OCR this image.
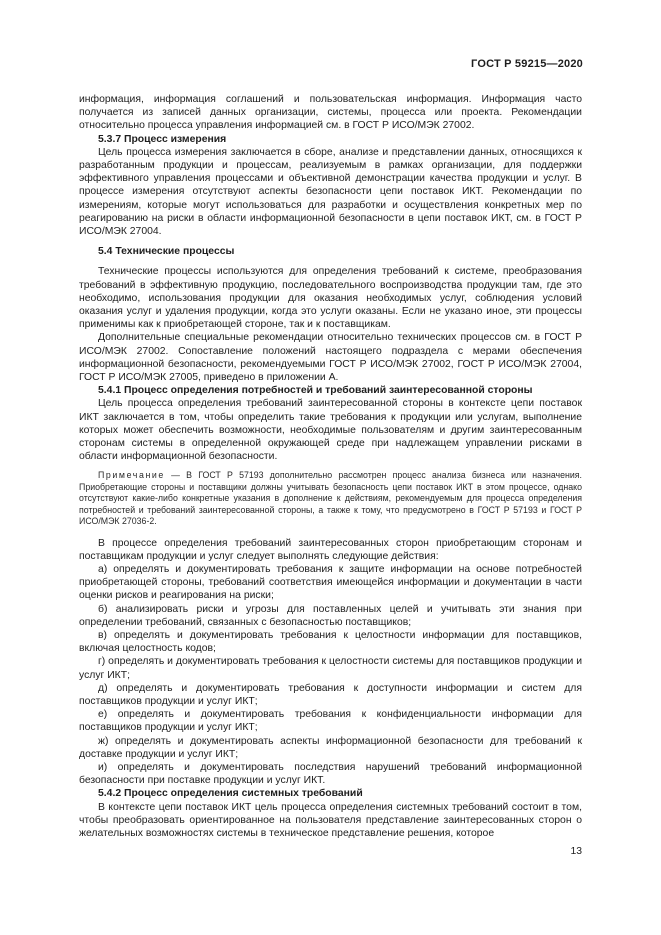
ГОСТ Р 59215—2020

информация, информация соглашений и пользовательская информация. Информация часто получается из записей данных организации, системы, процесса или проекта. Рекомендации относительно процесса управления информацией см. в ГОСТ Р ИСО/МЭК 27002.

5.3.7 Процесс измерения

Цель процесса измерения заключается в сборе, анализе и представлении данных, относящихся к разработанным продукции и процессам, реализуемым в рамках организации, для поддержки эффективного управления процессами и объективной демонстрации качества продукции и услуг. В процессе измерения отсутствуют аспекты безопасности цепи поставок ИКТ. Рекомендации по измерениям, которые могут использоваться для разработки и осуществления конкретных мер по реагированию на риски в области информационной безопасности в цепи поставок ИКТ, см. в ГОСТ Р ИСО/МЭК 27004.

5.4 Технические процессы

Технические процессы используются для определения требований к системе, преобразования требований в эффективную продукцию, последовательного воспроизводства продукции там, где это необходимо, использования продукции для оказания необходимых услуг, соблюдения условий оказания услуг и удаления продукции, когда это услуги оказаны. Если не указано иное, эти процессы применимы как к приобретающей стороне, так и к поставщикам.

Дополнительные специальные рекомендации относительно технических процессов см. в ГОСТ Р ИСО/МЭК 27002. Сопоставление положений настоящего подраздела с мерами обеспечения информационной безопасности, рекомендуемыми ГОСТ Р ИСО/МЭК 27002, ГОСТ Р ИСО/МЭК 27004, ГОСТ Р ИСО/МЭК 27005, приведено в приложении А.

5.4.1 Процесс определения потребностей и требований заинтересованной стороны

Цель процесса определения требований заинтересованной стороны в контексте цепи поставок ИКТ заключается в том, чтобы определить такие требования к продукции или услугам, выполнение которых может обеспечить возможности, необходимые пользователям и другим заинтересованным сторонам системы в определенной окружающей среде при надлежащем управлении рисками в области информационной безопасности.

Примечание — В ГОСТ Р 57193 дополнительно рассмотрен процесс анализа бизнеса или назначения. Приобретающие стороны и поставщики должны учитывать безопасность цепи поставок ИКТ в этом процессе, однако отсутствуют какие-либо конкретные указания в дополнение к действиям, рекомендуемым для процесса определения потребностей и требований заинтересованной стороны, а также к тому, что предусмотрено в ГОСТ Р 57193 и ГОСТ Р ИСО/МЭК 27036-2.

В процессе определения требований заинтересованных сторон приобретающим сторонам и поставщикам продукции и услуг следует выполнять следующие действия:

а) определять и документировать требования к защите информации на основе потребностей приобретающей стороны, требований соответствия имеющейся информации и документации в части оценки рисков и реагирования на риски;

б) анализировать риски и угрозы для поставленных целей и учитывать эти знания при определении требований, связанных с безопасностью поставщиков;

в) определять и документировать требования к целостности информации для поставщиков, включая целостность кодов;

г) определять и документировать требования к целостности системы для поставщиков продукции и услуг ИКТ;

д) определять и документировать требования к доступности информации и систем для поставщиков продукции и услуг ИКТ;

е) определять и документировать требования к конфиденциальности информации для поставщиков продукции и услуг ИКТ;

ж) определять и документировать аспекты информационной безопасности для требований к доставке продукции и услуг ИКТ;

и) определять и документировать последствия нарушений требований информационной безопасности при поставке продукции и услуг ИКТ.

5.4.2 Процесс определения системных требований

В контексте цепи поставок ИКТ цель процесса определения системных требований состоит в том, чтобы преобразовать ориентированное на пользователя представление заинтересованных сторон о желательных возможностях системы в техническое представление решения, которое

13
